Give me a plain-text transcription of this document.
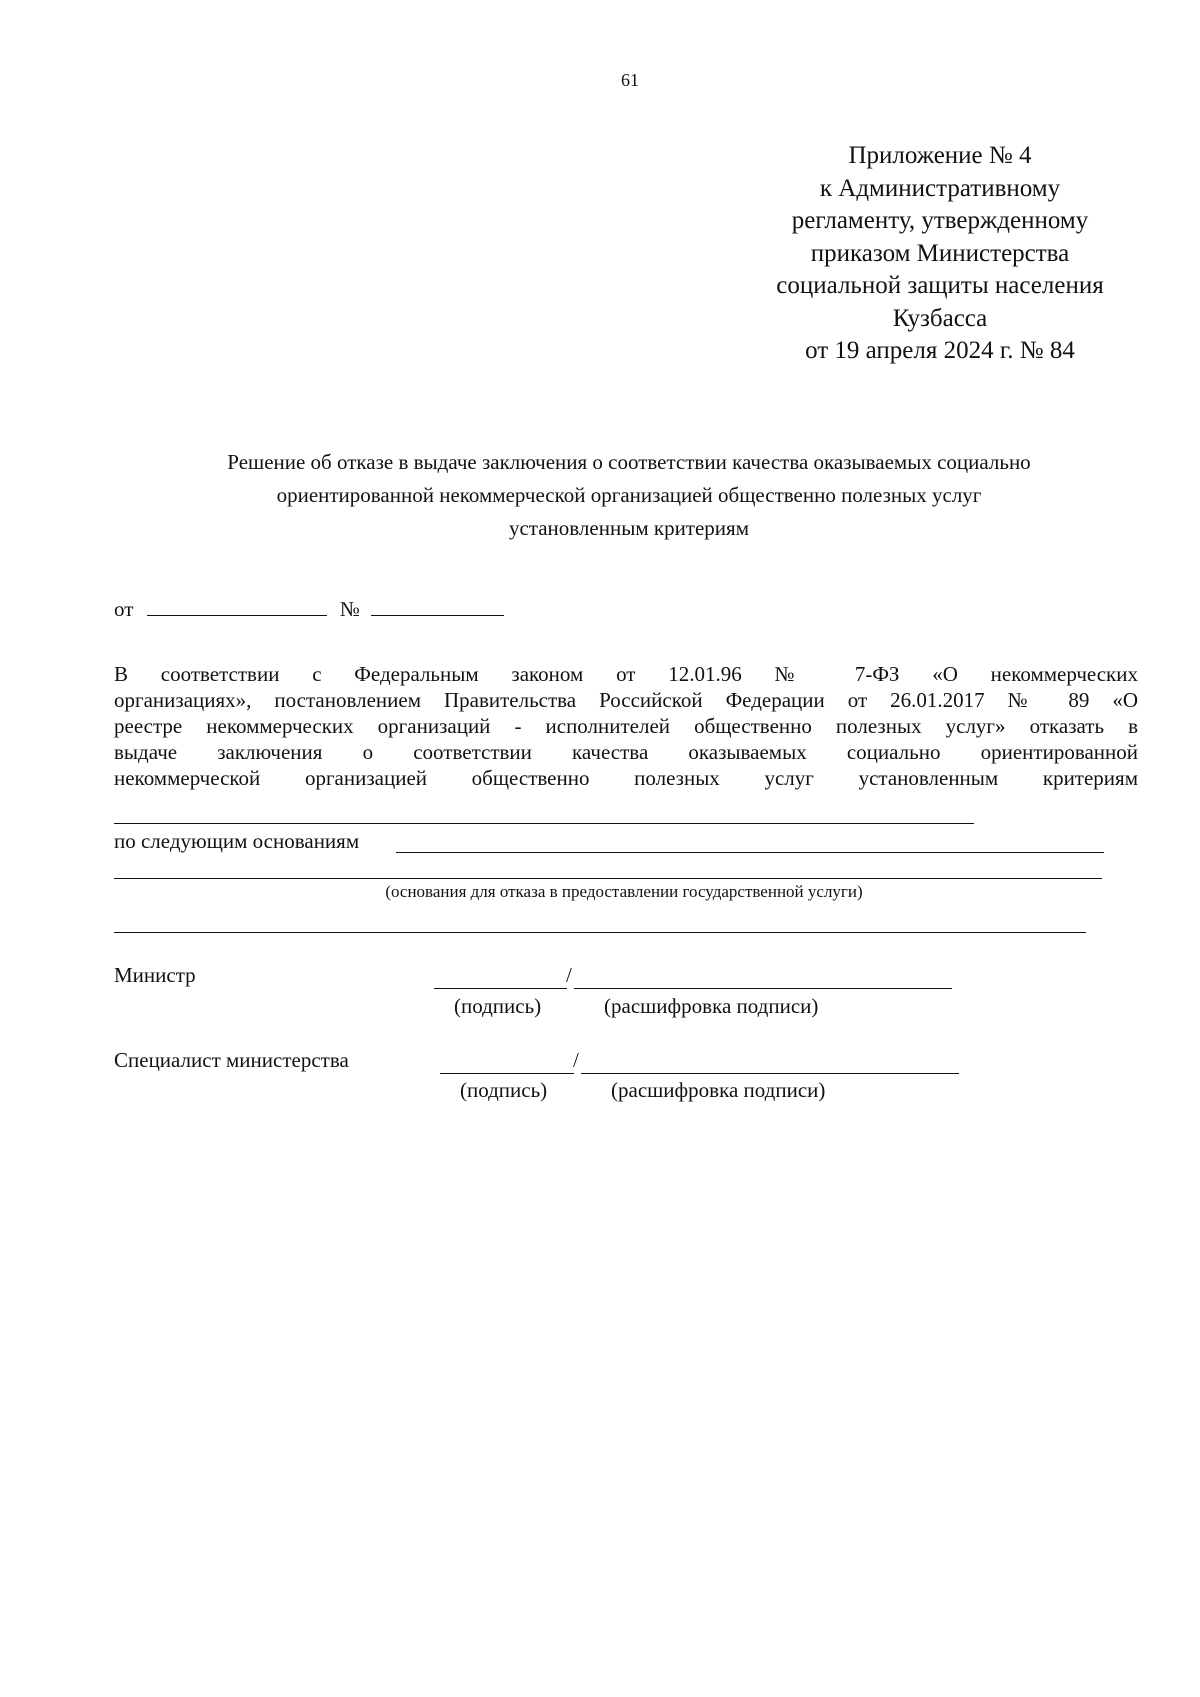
61
Приложение № 4
к Административному
регламенту, утвержденному
приказом Министерства
социальной защиты населения
Кузбасса
от 19 апреля 2024 г. № 84
Решение об отказе в выдаче заключения о соответствии качества оказываемых социально
ориентированной некоммерческой организацией общественно полезных услуг
установленным критериям
от	№
В соответствии с Федеральным законом от 12.01.96 № 7-ФЗ «О некоммерческих
организациях», постановлением Правительства Российской Федерации от 26.01.2017 № 89 «О
реестре некоммерческих организаций - исполнителей общественно полезных услуг» отказать в
выдаче заключения о соответствии качества оказываемых социально ориентированной
некоммерческой организацией общественно полезных услуг установленным критериям
по следующим основаниям
(основания для отказа в предоставлении государственной услуги)
Министр	/
(подпись)	(расшифровка подписи)
Специалист министерства	/
(подпись)	(расшифровка подписи)
